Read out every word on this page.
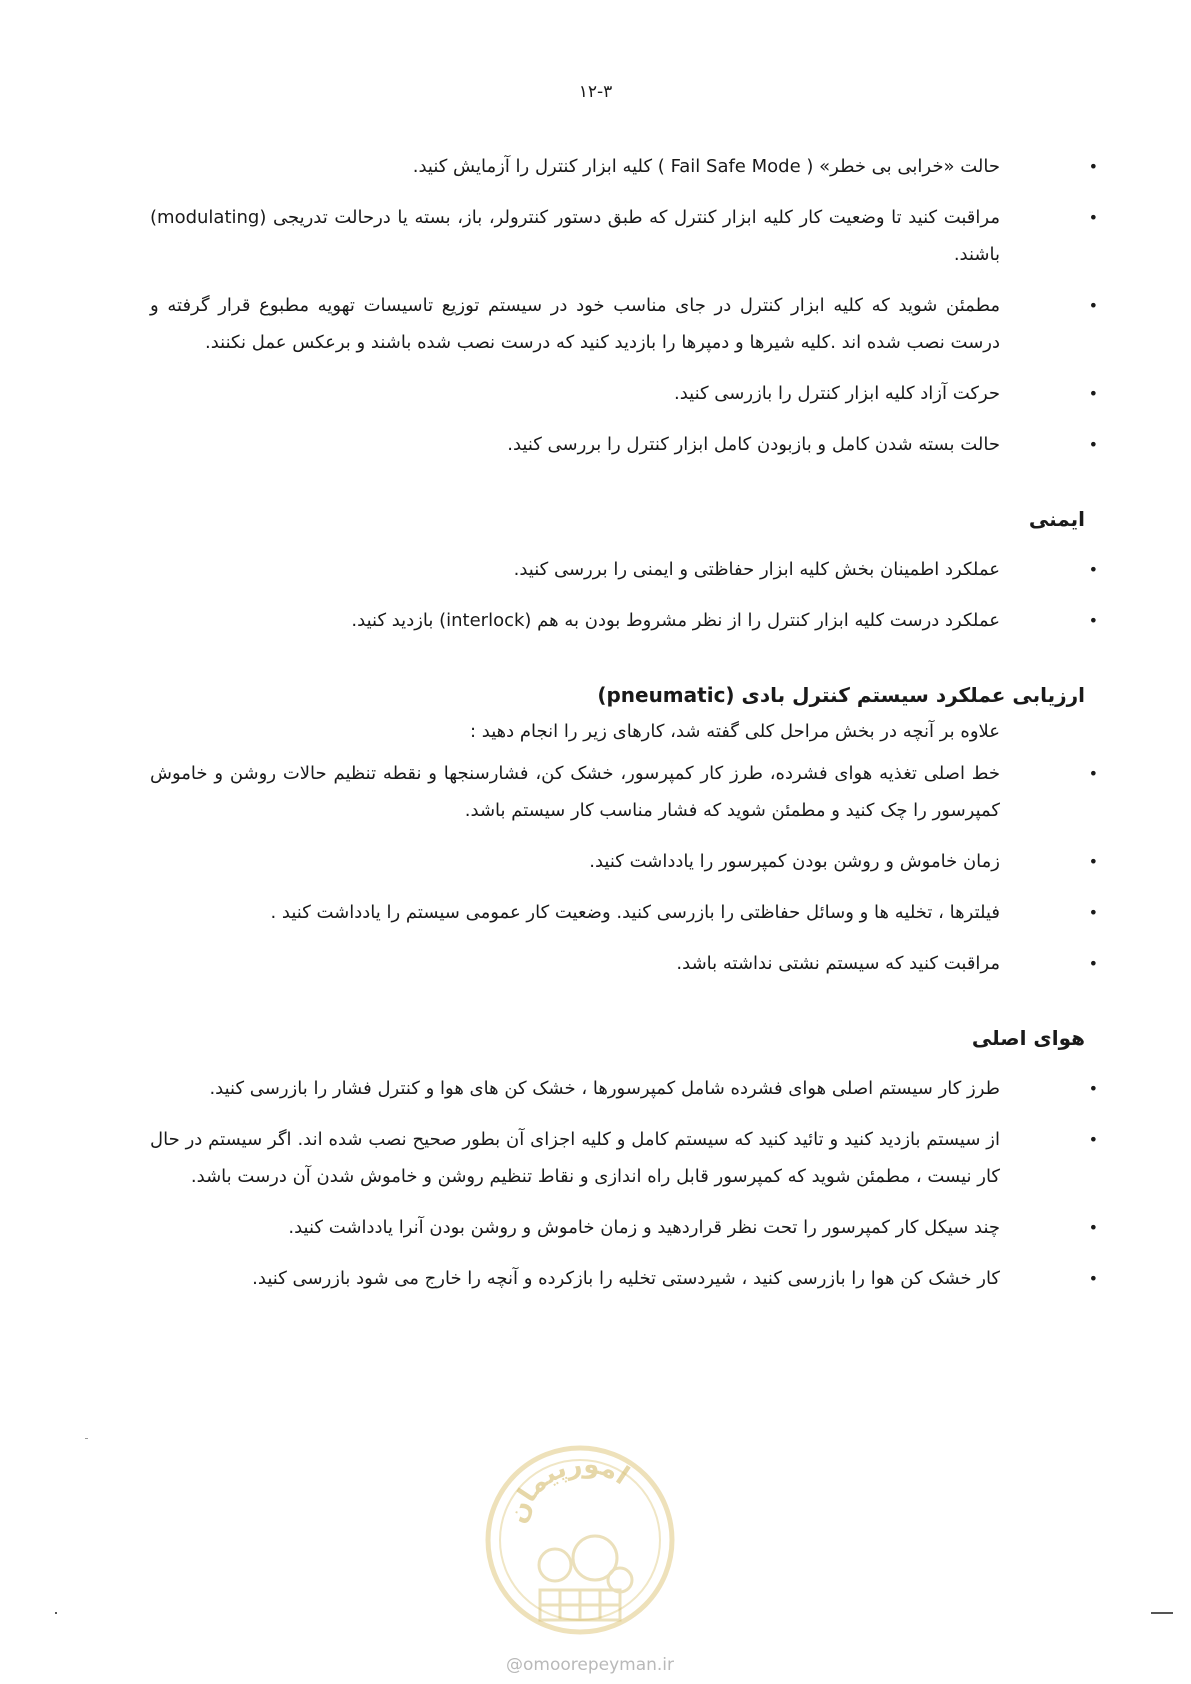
۱۲-۳
•
حالت «خرابی بی خطر» ( Fail Safe Mode ) کلیه ابزار کنترل را آزمایش کنید.
•
مراقبت کنید تا وضعیت کار کلیه ابزار کنترل که طبق دستور کنترولر، باز، بسته یا درحالت تدریجی (modulating) باشند.
•
مطمئن شوید که کلیه ابزار کنترل در جای مناسب خود در سیستم توزیع تاسیسات تهویه مطبوع قرار گرفته و درست نصب شده اند .کلیه شیرها و دمپرها را بازدید کنید که درست نصب شده باشند و برعکس عمل نکنند.
•
حرکت آزاد کلیه ابزار کنترل را بازرسی کنید.
•
حالت بسته شدن کامل و بازبودن کامل ابزار کنترل را بررسی کنید.
ایمنی
•
عملکرد اطمینان بخش کلیه ابزار حفاظتی و ایمنی را بررسی کنید.
•
عملکرد درست کلیه ابزار کنترل را از نظر مشروط بودن به هم (interlock) بازدید کنید.
ارزیابی عملکرد سیستم کنترل بادی (pneumatic)

علاوه بر آنچه در بخش مراحل کلی گفته شد، کارهای زیر را انجام دهید :

•
خط اصلی تغذیه هوای فشرده، طرز کار کمپرسور، خشک کن، فشارسنجها و نقطه تنظیم حالات روشن و خاموش کمپرسور را چک کنید و مطمئن شوید که فشار مناسب کار سیستم باشد.
•
زمان خاموش و روشن بودن کمپرسور را یادداشت کنید.
•
فیلترها ، تخلیه ها و وسائل حفاظتی را بازرسی کنید. وضعیت کار عمومی سیستم را یادداشت کنید .
•
مراقبت کنید که سیستم نشتی نداشته باشد.
هوای اصلی
•
طرز کار سیستم اصلی هوای فشرده شامل کمپرسورها ، خشک کن های هوا و کنترل فشار را بازرسی کنید.
•
از سیستم بازدید کنید و تائید کنید که سیستم کامل و کلیه اجزای آن بطور صحیح نصب شده اند. اگر سیستم در حال کار نیست ، مطمئن شوید که کمپرسور قابل راه اندازی و نقاط تنظیم روشن و خاموش شدن آن درست باشد.
•
چند سیکل کار کمپرسور را تحت نظر قراردهید و زمان خاموش و روشن بودن آنرا یادداشت کنید.
•
کار خشک کن هوا را بازرسی کنید ، شیردستی تخلیه را بازکرده و آنچه را خارج می شود بازرسی کنید.
امورپیمان
@omoorepeyman.ir
